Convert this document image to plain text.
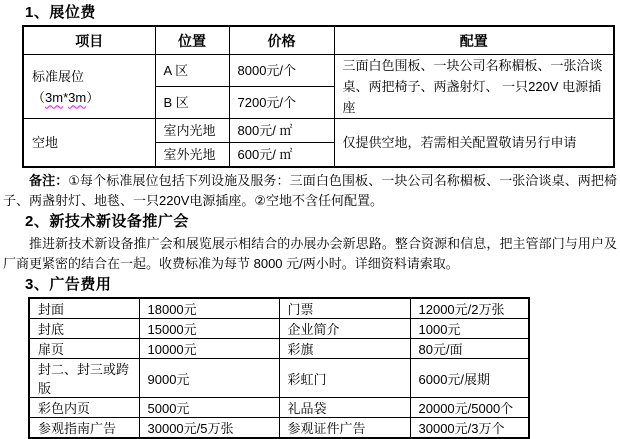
1、展位费
项目	位置	价格	配置
标准展位（3m*3m）	A 区	8000元/个	三面白色围板、一块公司名称楣板、一张洽谈桌、两把椅子、两盏射灯、 一只220V 电源插座
	B 区	7200元/个	
空地	室内光地	800元/ ㎡	仅提供空地，若需相关配置敬请另行申请
	室外光地	600元/ ㎡	

备注：①每个标准展位包括下列设施及服务：三面白色围板、一块公司名称楣板、一张洽谈桌、两把椅子、两盏射灯、地毯、一只220V电源插座。②空地不含任何配置。

2、新技术新设备推广会

推进新技术新设备推广会和展览展示相结合的办展办会新思路。整合资源和信息，把主管部门与用户及厂商更紧密的结合在一起。收费标准为每节 8000 元/两小时。详细资料请索取。

3、广告费用
封面	18000元	门票	12000元/2万张
封底	15000元	企业简介	1000元
扉页	10000元	彩旗	80元/面
封二、封三或跨版	9000元	彩虹门	6000元/展期
彩色内页	5000元	礼品袋	20000元/5000个
参观指南广告	30000元/5万张	参观证件广告	30000元/3万个
